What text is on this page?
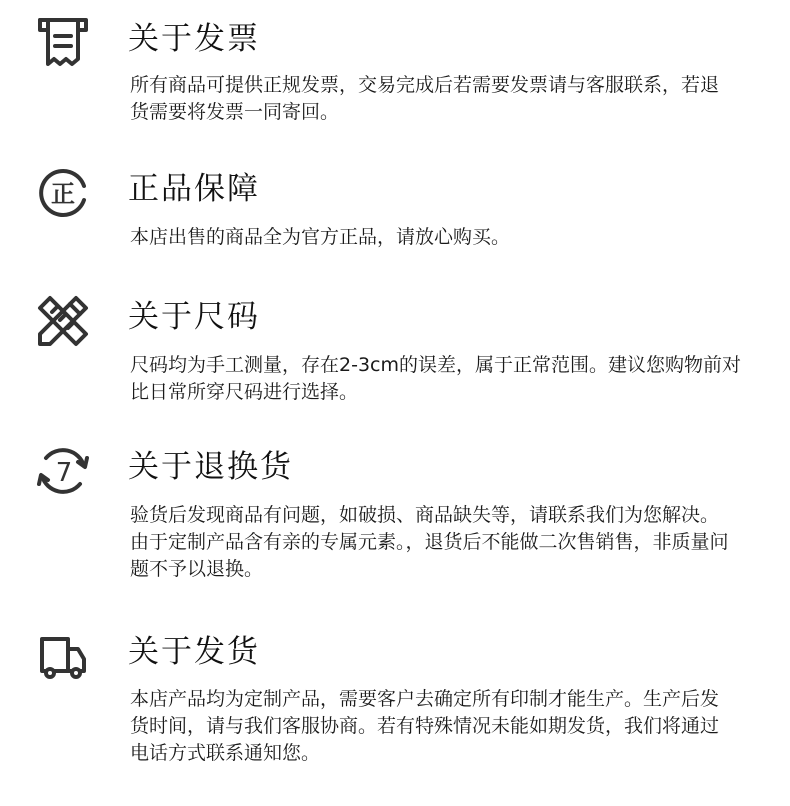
关于发票

所有商品可提供正规发票，交易完成后若需要发票请与客服联系，若退

货需要将发票一同寄回。

正 正品保障

本店出售的商品全为官方正品，请放心购买。

关于尺码

尺码均为手工测量，存在2-3cm的误差，属于正常范围。建议您购物前对

比日常所穿尺码进行选择。

7 关于退换货

验货后发现商品有问题，如破损、商品缺失等，请联系我们为您解决。

由于定制产品含有亲的专属元素。，退货后不能做二次售销售，非质量问

题不予以退换。

关于发货

本店产品均为定制产品，需要客户去确定所有印制才能生产。生产后发

货时间，请与我们客服协商。若有特殊情况未能如期发货，我们将通过

电话方式联系通知您。
